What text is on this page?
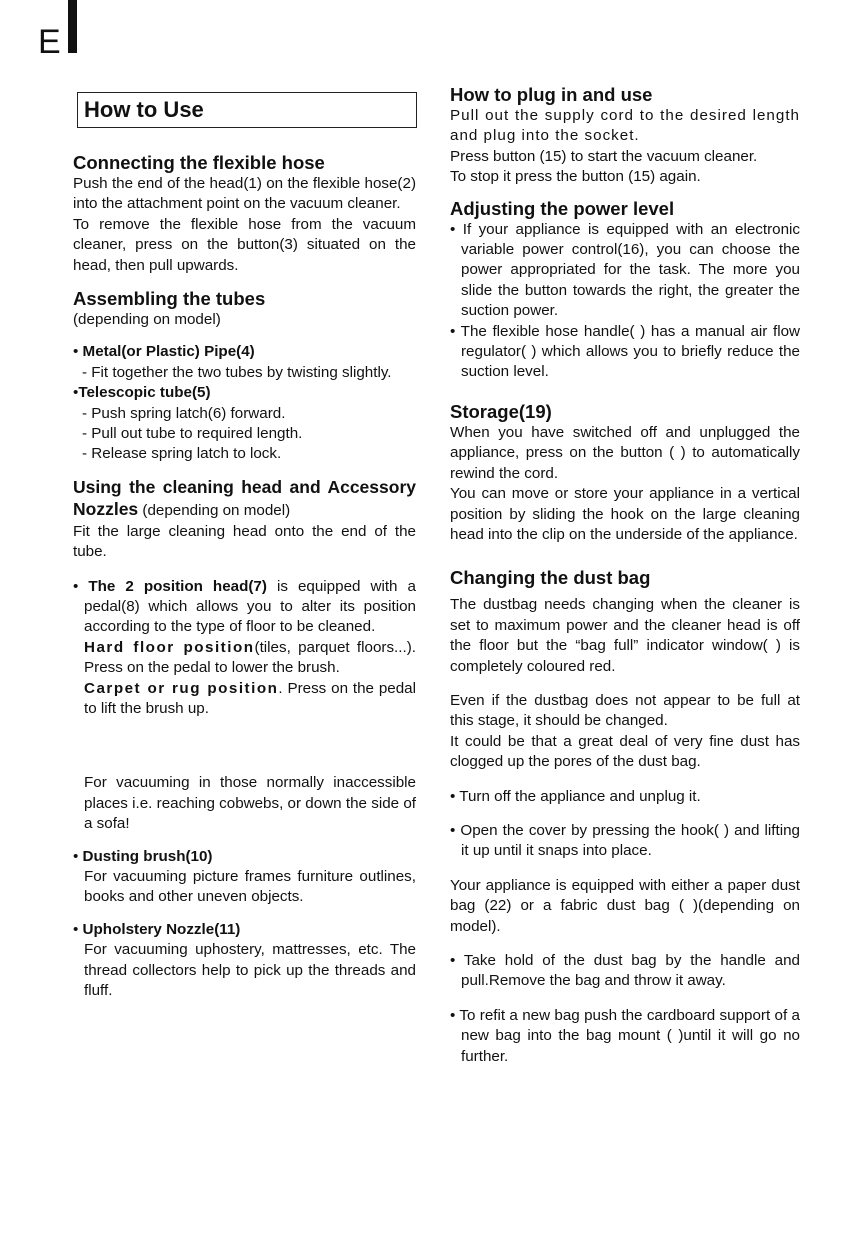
E
How to Use
Connecting the flexible hose

Push the end of the head(1) on the flexible hose(2) into the attachment point on the vacuum cleaner.

To remove the flexible hose from the vacuum cleaner, press on the button(3) situated on the head, then pull upwards.

Assembling the tubes

(depending on model)

• Metal(or Plastic) Pipe(4)

- Fit together the two tubes by twisting slightly.

•Telescopic tube(5)

- Push spring latch(6) forward.

- Pull out tube to required length.

- Release spring latch to lock.

Using the cleaning head and Accessory Nozzles (depending on model)

Fit the large cleaning head onto the end of the tube.

• The 2 position head(7) is equipped with a pedal(8) which allows you to alter its position according to the type of floor to be cleaned.

Hard floor position(tiles, parquet floors...). Press on the pedal to lower the brush.

Carpet or rug position. Press on the pedal to lift the brush up.

For vacuuming in those normally inaccessible places i.e. reaching cobwebs, or down the side of a sofa!

• Dusting brush(10)

For vacuuming picture frames furniture outlines, books and other uneven objects.

• Upholstery Nozzle(11)

For vacuuming uphostery, mattresses, etc. The thread collectors help to pick up the threads and fluff.

How to plug in and use

Pull out the supply cord to the desired length and plug into the socket.

Press button (15) to start the vacuum cleaner.

To stop it press the button (15) again.

Adjusting the power level

• If your appliance is equipped with an electronic variable power control(16), you can choose the power appropriated for the task. The more you slide the button towards the right, the greater the suction power.

• The flexible hose handle( ) has a manual air flow regulator( ) which allows you to briefly reduce the suction level.

Storage(19)

When you have switched off and unplugged the appliance, press on the button ( ) to automatically rewind the cord.

You can move or store your appliance in a vertical position by sliding the hook on the large cleaning head into the clip on the underside of the appliance.

Changing the dust bag

The dustbag needs changing when the cleaner is set to maximum power and the cleaner head is off the floor but the “bag full” indicator window( ) is completely coloured red.

Even if the dustbag does not appear to be full at this stage, it should be changed.

It could be that a great deal of very fine dust has clogged up the pores of the dust bag.

• Turn off the appliance and unplug it.

• Open the cover by pressing the hook( ) and lifting it up until it snaps into place.

Your appliance is equipped with either a paper dust bag (22) or a fabric dust bag ( )(depending on model).

• Take hold of the dust bag by the handle and pull.Remove the bag and throw it away.

• To refit a new bag push the cardboard support of a new bag into the bag mount ( )until it will go no further.
